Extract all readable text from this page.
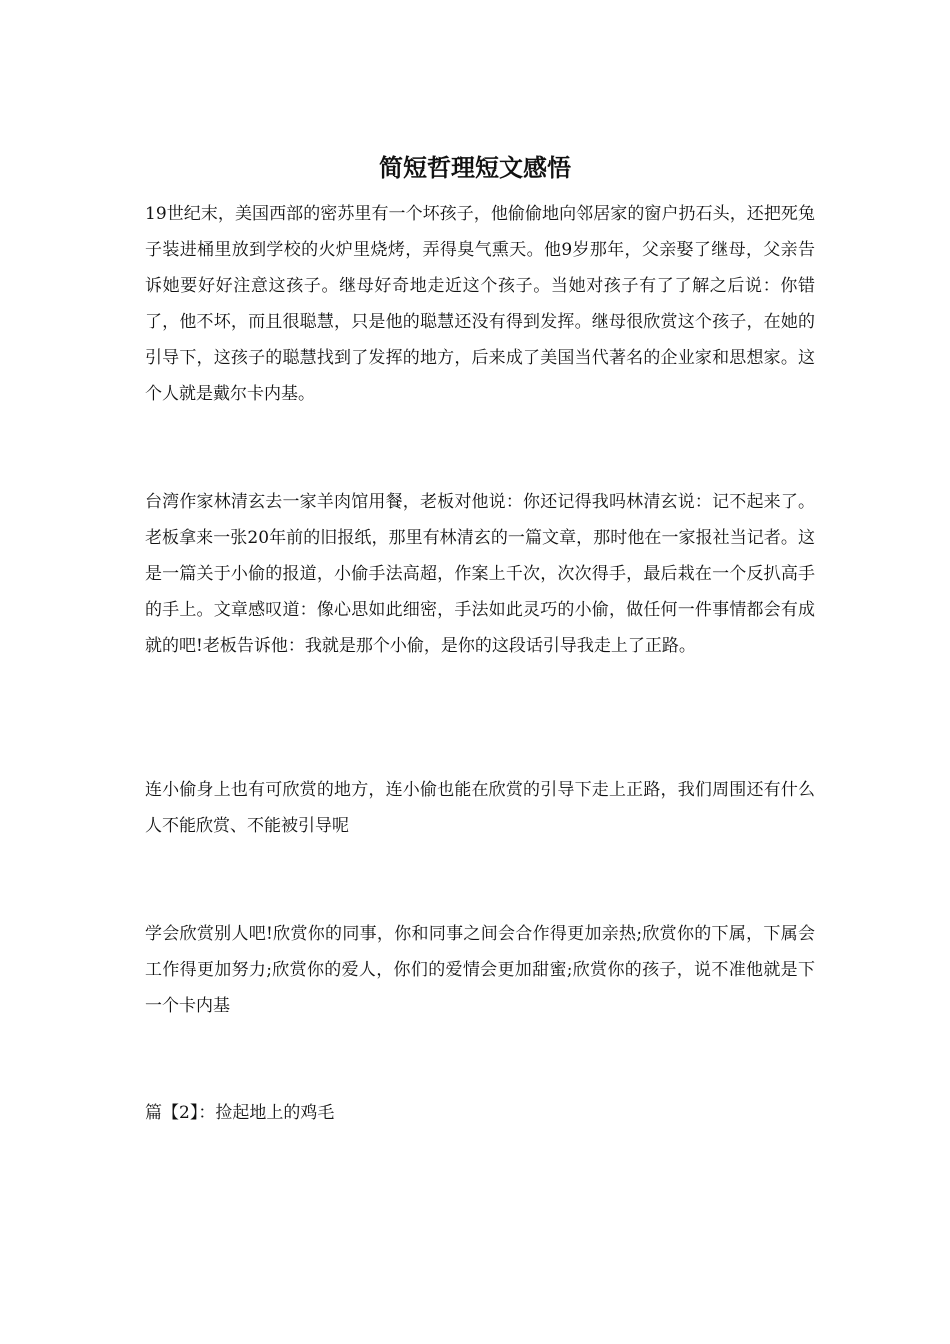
简短哲理短文感悟

19世纪末，美国西部的密苏里有一个坏孩子，他偷偷地向邻居家的窗户扔石头，还把死兔子装进桶里放到学校的火炉里烧烤，弄得臭气熏天。他9岁那年，父亲娶了继母，父亲告诉她要好好注意这孩子。继母好奇地走近这个孩子。当她对孩子有了了解之后说：你错了，他不坏，而且很聪慧，只是他的聪慧还没有得到发挥。继母很欣赏这个孩子，在她的引导下，这孩子的聪慧找到了发挥的地方，后来成了美国当代著名的企业家和思想家。这个人就是戴尔卡内基。

台湾作家林清玄去一家羊肉馆用餐，老板对他说：你还记得我吗林清玄说：记不起来了。老板拿来一张20年前的旧报纸，那里有林清玄的一篇文章，那时他在一家报社当记者。这是一篇关于小偷的报道，小偷手法高超，作案上千次，次次得手，最后栽在一个反扒高手的手上。文章感叹道：像心思如此细密，手法如此灵巧的小偷，做任何一件事情都会有成就的吧!老板告诉他：我就是那个小偷，是你的这段话引导我走上了正路。

连小偷身上也有可欣赏的地方，连小偷也能在欣赏的引导下走上正路，我们周围还有什么人不能欣赏、不能被引导呢

学会欣赏别人吧!欣赏你的同事，你和同事之间会合作得更加亲热;欣赏你的下属，下属会工作得更加努力;欣赏你的爱人，你们的爱情会更加甜蜜;欣赏你的孩子，说不准他就是下一个卡内基

篇【2】：捡起地上的鸡毛
